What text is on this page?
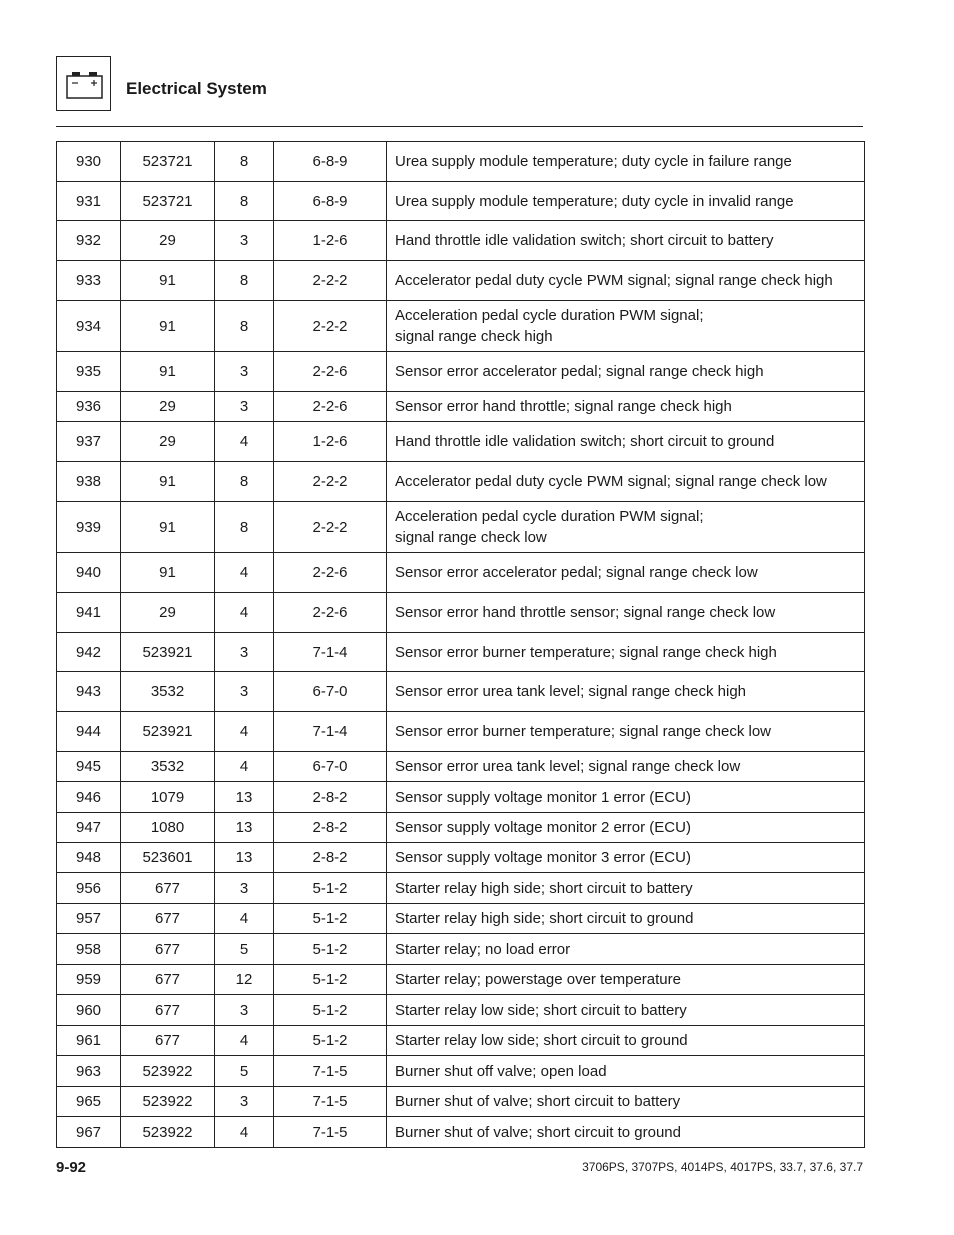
Electrical System
930	523721	8	6-8-9	Urea supply module temperature; duty cycle in failure range

931	523721	8	6-8-9	Urea supply module temperature; duty cycle in invalid range

932	29	3	1-2-6	Hand throttle idle validation switch; short circuit to battery

933	91	8	2-2-2	Accelerator pedal duty cycle PWM signal; signal range check high

934	91	8	2-2-2	Acceleration pedal cycle duration PWM signal;
signal range check high

935	91	3	2-2-6	Sensor error accelerator pedal; signal range check high

936	29	3	2-2-6	Sensor error hand throttle; signal range check high

937	29	4	1-2-6	Hand throttle idle validation switch; short circuit to ground

938	91	8	2-2-2	Accelerator pedal duty cycle PWM signal; signal range check low

939	91	8	2-2-2	Acceleration pedal cycle duration PWM signal;
signal range check low

940	91	4	2-2-6	Sensor error accelerator pedal; signal range check low

941	29	4	2-2-6	Sensor error hand throttle sensor; signal range check low

942	523921	3	7-1-4	Sensor error burner temperature; signal range check high

943	3532	3	6-7-0	Sensor error urea tank level; signal range check high

944	523921	4	7-1-4	Sensor error burner temperature; signal range check low

945	3532	4	6-7-0	Sensor error urea tank level; signal range check low

946	1079	13	2-8-2	Sensor supply voltage monitor 1 error (ECU)

947	1080	13	2-8-2	Sensor supply voltage monitor 2 error (ECU)

948	523601	13	2-8-2	Sensor supply voltage monitor 3 error (ECU)

956	677	3	5-1-2	Starter relay high side; short circuit to battery

957	677	4	5-1-2	Starter relay high side; short circuit to ground

958	677	5	5-1-2	Starter relay; no load error

959	677	12	5-1-2	Starter relay; powerstage over temperature

960	677	3	5-1-2	Starter relay low side; short circuit to battery

961	677	4	5-1-2	Starter relay low side; short circuit to ground

963	523922	5	7-1-5	Burner shut off valve; open load

965	523922	3	7-1-5	Burner shut of valve; short circuit to battery

967	523922	4	7-1-5	Burner shut of valve; short circuit to ground
9-92	3706PS, 3707PS, 4014PS, 4017PS, 33.7, 37.6, 37.7
